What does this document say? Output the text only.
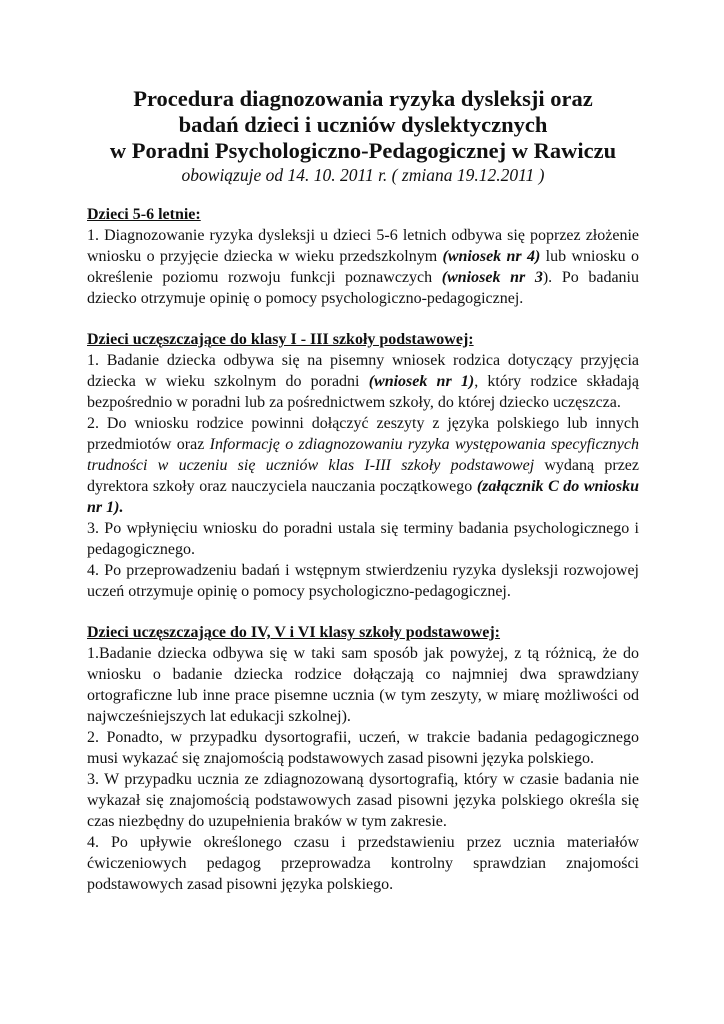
Procedura diagnozowania ryzyka dysleksji oraz
badań dzieci i uczniów dyslektycznych
w Poradni Psychologiczno-Pedagogicznej w Rawiczu

obowiązuje od 14. 10. 2011 r. ( zmiana 19.12.2011 )

Dzieci 5-6 letnie:

1. Diagnozowanie ryzyka dysleksji u dzieci 5-6 letnich odbywa się poprzez złożenie wniosku o przyjęcie dziecka w wieku przedszkolnym (wniosek nr 4) lub wniosku o określenie poziomu rozwoju funkcji poznawczych (wniosek nr 3). Po badaniu dziecko otrzymuje opinię o pomocy psychologiczno-pedagogicznej.

Dzieci uczęszczające do klasy I - III szkoły podstawowej:

1. Badanie dziecka odbywa się na pisemny wniosek rodzica dotyczący przyjęcia dziecka w wieku szkolnym do poradni (wniosek nr 1), który rodzice składają bezpośrednio w poradni lub za pośrednictwem szkoły, do której dziecko uczęszcza.

2. Do wniosku rodzice powinni dołączyć zeszyty z języka polskiego lub innych przedmiotów oraz Informację o zdiagnozowaniu ryzyka występowania specyficznych trudności w uczeniu się uczniów klas I-III szkoły podstawowej wydaną przez dyrektora szkoły oraz nauczyciela nauczania początkowego (załącznik C do wniosku nr 1).

3. Po wpłynięciu wniosku do poradni ustala się terminy badania psychologicznego i pedagogicznego.

4. Po przeprowadzeniu badań i wstępnym stwierdzeniu ryzyka dysleksji rozwojowej uczeń otrzymuje opinię o pomocy psychologiczno-pedagogicznej.

Dzieci uczęszczające do IV, V i VI klasy szkoły podstawowej:

1.Badanie dziecka odbywa się w taki sam sposób jak powyżej, z tą różnicą, że do wniosku o badanie dziecka rodzice dołączają co najmniej dwa sprawdziany ortograficzne lub inne prace pisemne ucznia (w tym zeszyty, w miarę możliwości od najwcześniejszych lat edukacji szkolnej).

2. Ponadto, w przypadku dysortografii, uczeń, w trakcie badania pedagogicznego musi wykazać się znajomością podstawowych zasad pisowni języka polskiego.

3. W przypadku ucznia ze zdiagnozowaną dysortografią, który w czasie badania nie wykazał się znajomością podstawowych zasad pisowni języka polskiego określa się czas niezbędny do uzupełnienia braków w tym zakresie.

4. Po upływie określonego czasu i przedstawieniu przez ucznia materiałów ćwiczeniowych pedagog przeprowadza kontrolny sprawdzian znajomości podstawowych zasad pisowni języka polskiego.
